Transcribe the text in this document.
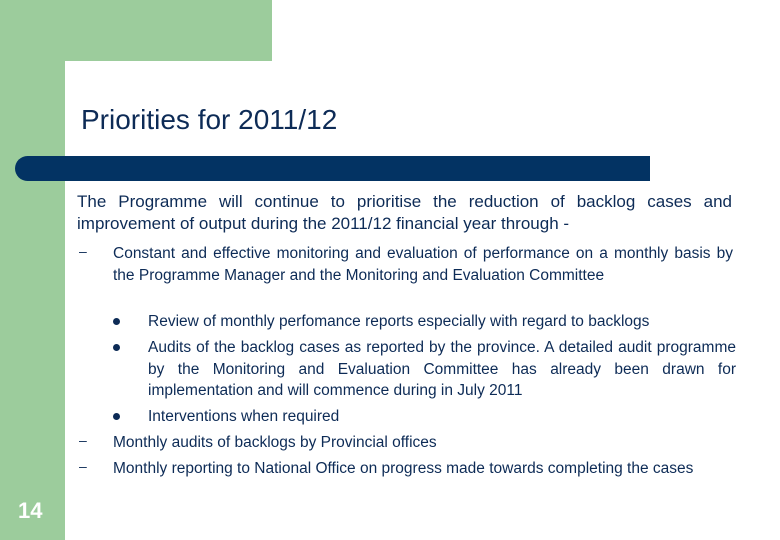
Priorities for 2011/12
The Programme will continue to prioritise the reduction of backlog cases and improvement of output during the 2011/12 financial year through -
– Constant and effective monitoring and evaluation of performance on a monthly basis by the Programme Manager and the Monitoring and Evaluation Committee
Review of monthly perfomance reports especially with regard to backlogs
Audits of the backlog cases as reported by the province. A detailed audit programme by the Monitoring and Evaluation Committee has already been drawn for implementation and will commence during in July 2011
Interventions when required
– Monthly audits of backlogs by Provincial offices
– Monthly reporting to National Office on progress made towards completing the cases
14
